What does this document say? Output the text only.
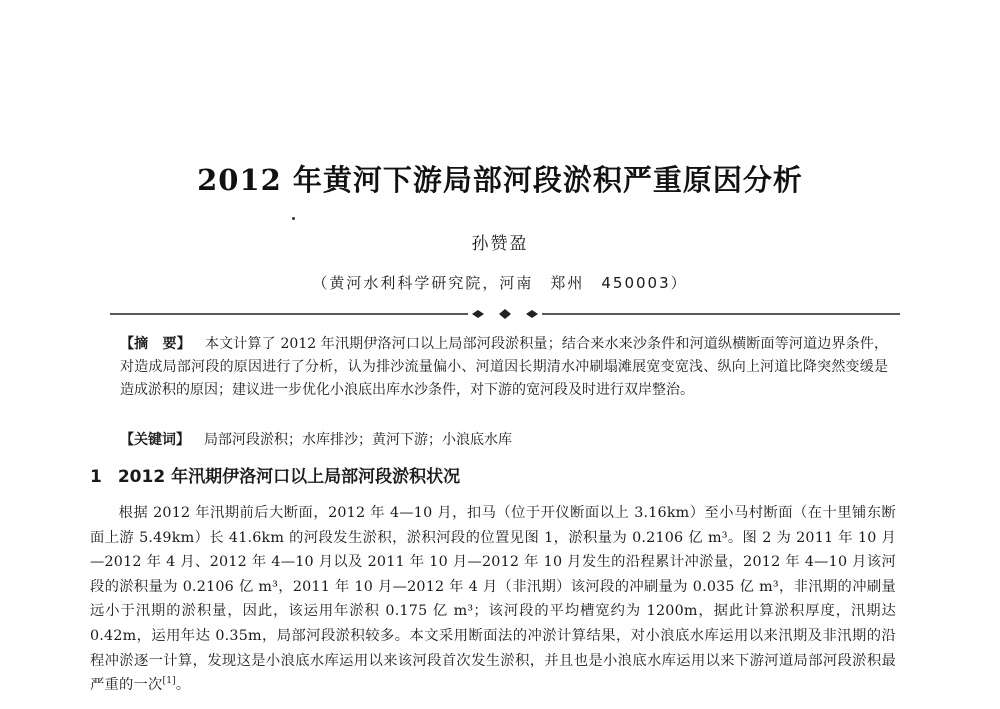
2012 年黄河下游局部河段淤积严重原因分析
孙赞盈
（黄河水利科学研究院，河南　郑州　450003）
【摘　要】 本文计算了 2012 年汛期伊洛河口以上局部河段淤积量；结合来水来沙条件和河道纵横断面等河道边界条件，对造成局部河段的原因进行了分析，认为排沙流量偏小、河道因长期清水冲刷塌滩展宽变宽浅、纵向上河道比降突然变缓是造成淤积的原因；建议进一步优化小浪底出库水沙条件，对下游的宽河段及时进行双岸整治。
【关键词】 局部河段淤积；水库排沙；黄河下游；小浪底水库
1 2012 年汛期伊洛河口以上局部河段淤积状况
根据 2012 年汛期前后大断面，2012 年 4—10 月，扣马（位于开仪断面以上 3.16km）至小马村断面（在十里铺东断面上游 5.49km）长 41.6km 的河段发生淤积，淤积河段的位置见图 1，淤积量为 0.2106 亿 m³。图 2 为 2011 年 10 月—2012 年 4 月、2012 年 4—10 月以及 2011 年 10 月—2012 年 10 月发生的沿程累计冲淤量，2012 年 4—10 月该河段的淤积量为 0.2106 亿 m³，2011 年 10 月—2012 年 4 月（非汛期）该河段的冲刷量为 0.035 亿 m³，非汛期的冲刷量远小于汛期的淤积量，因此，该运用年淤积 0.175 亿 m³；该河段的平均槽宽约为 1200m，据此计算淤积厚度，汛期达 0.42m，运用年达 0.35m，局部河段淤积较多。本文采用断面法的冲淤计算结果，对小浪底水库运用以来汛期及非汛期的沿程冲淤逐一计算，发现这是小浪底水库运用以来该河段首次发生淤积，并且也是小浪底水库运用以来下游河道局部河段淤积最严重的一次[1]。
